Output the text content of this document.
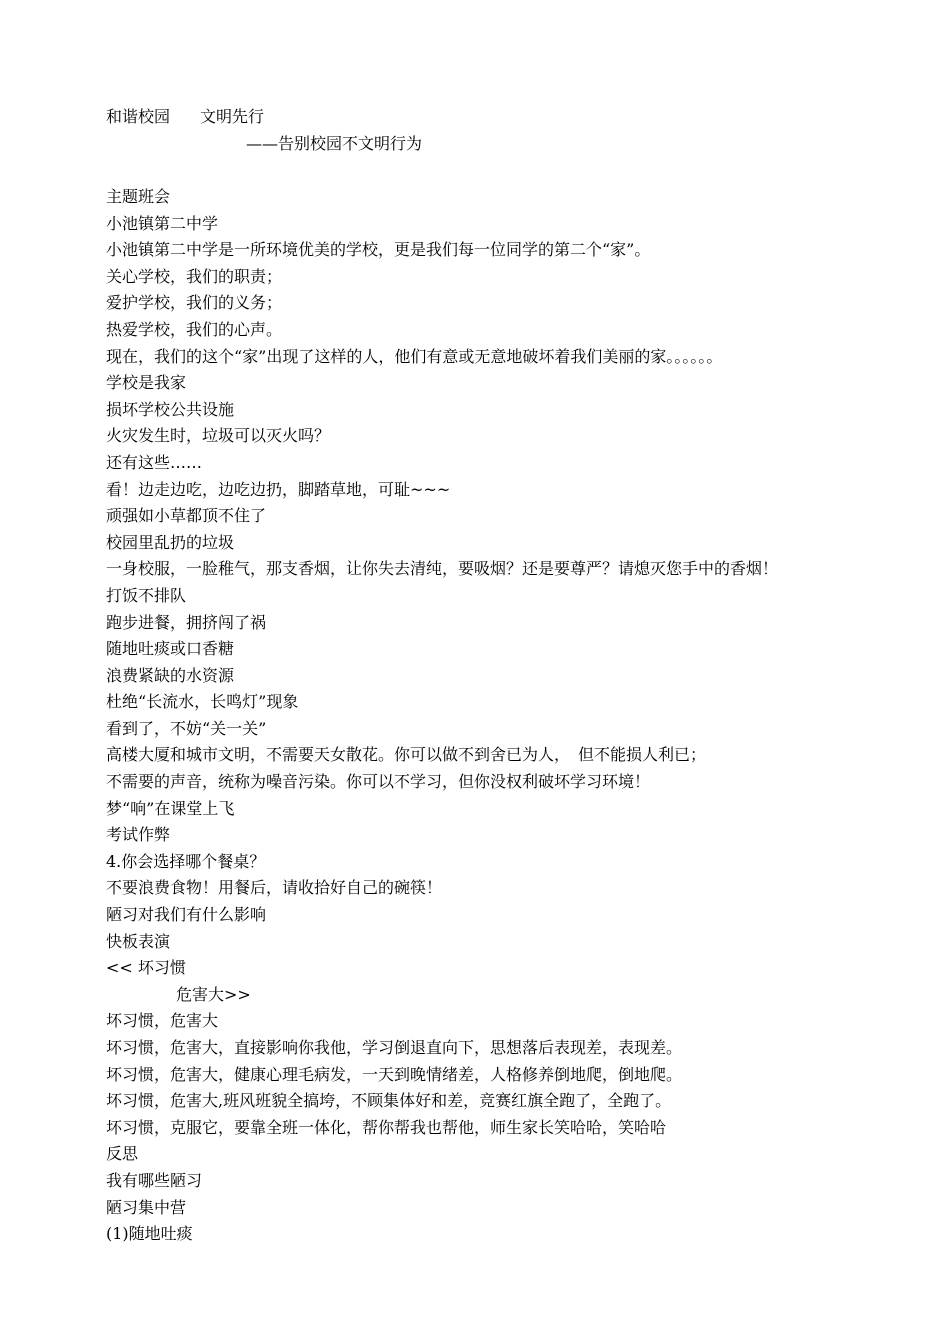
和谐校园 文明先行
——告别校园不文明行为
主题班会
小池镇第二中学
小池镇第二中学是一所环境优美的学校，更是我们每一位同学的第二个“家”。
关心学校，我们的职责；
爱护学校，我们的义务；
热爱学校，我们的心声。
现在，我们的这个“家”出现了这样的人，他们有意或无意地破坏着我们美丽的家。。。。。。
学校是我家
损坏学校公共设施
火灾发生时，垃圾可以灭火吗？
还有这些……
看！边走边吃，边吃边扔，脚踏草地，可耻~~~
顽强如小草都顶不住了
校园里乱扔的垃圾
一身校服，一脸稚气，那支香烟，让你失去清纯，要吸烟？还是要尊严？请熄灭您手中的香烟！
打饭不排队
跑步进餐，拥挤闯了祸
随地吐痰或口香糖
浪费紧缺的水资源
杜绝“长流水，长鸣灯”现象
看到了，不妨“关一关”
高楼大厦和城市文明，不需要天女散花。你可以做不到舍已为人，　但不能损人利已；
不需要的声音，统称为噪音污染。你可以不学习，但你没权利破坏学习环境！
梦“响”在课堂上飞
考试作弊
4.你会选择哪个餐桌？
不要浪费食物！用餐后，请收拾好自己的碗筷！
陋习对我们有什么影响
快板表演
<< 坏习惯
危害大>>
坏习惯，危害大
坏习惯，危害大，直接影响你我他，学习倒退直向下，思想落后表现差，表现差。
坏习惯，危害大，健康心理毛病发，一天到晚情绪差，人格修养倒地爬，倒地爬。
坏习惯，危害大,班风班貌全搞垮，不顾集体好和差，竞赛红旗全跑了，全跑了。
坏习惯，克服它，要靠全班一体化，帮你帮我也帮他，师生家长笑哈哈，笑哈哈
反思
我有哪些陋习
陋习集中营
(1)随地吐痰
